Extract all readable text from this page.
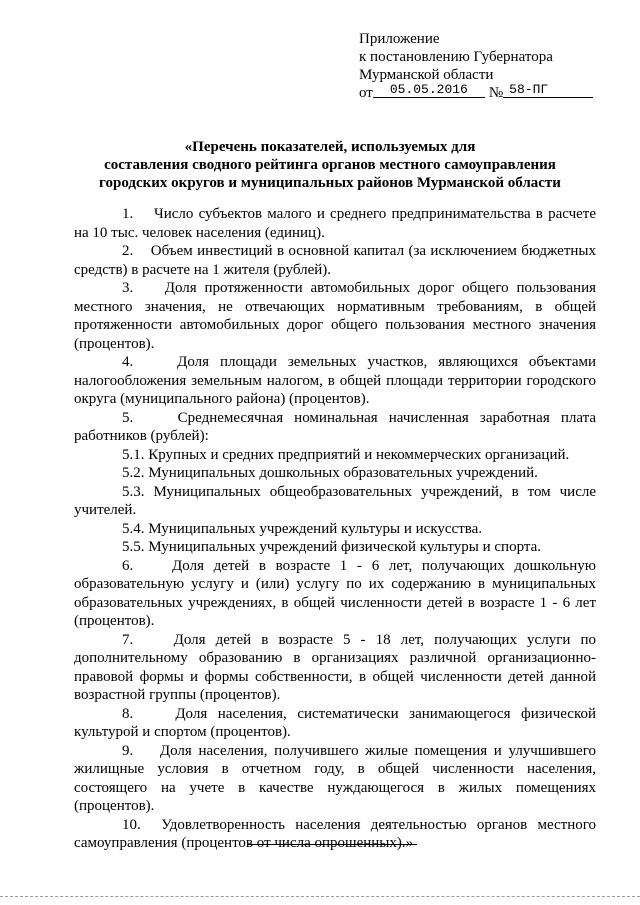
Приложение
к постановлению Губернатора
Мурманской области
от 05.05.2016 № 58-ПГ
«Перечень показателей, используемых для
составления сводного рейтинга органов местного самоуправления
городских округов и муниципальных районов Мурманской области

1.    Число субъектов малого и среднего предпринимательства в расчете на 10 тыс. человек населения (единиц).

2.    Объем инвестиций в основной капитал (за исключением бюджетных средств) в расчете на 1 жителя (рублей).

3.    Доля протяженности автомобильных дорог общего пользования местного значения, не отвечающих нормативным требованиям, в общей протяженности автомобильных дорог общего пользования местного значения (процентов).

4.    Доля площади земельных участков, являющихся объектами налогообложения земельным налогом, в общей площади территории городского округа (муниципального района) (процентов).

5.    Среднемесячная номинальная начисленная заработная плата работников (рублей):

5.1. Крупных и средних предприятий и некоммерческих организаций.

5.2. Муниципальных дошкольных образовательных учреждений.

5.3. Муниципальных общеобразовательных учреждений, в том числе учителей.

5.4. Муниципальных учреждений культуры и искусства.

5.5. Муниципальных учреждений физической культуры и спорта.

6.    Доля детей в возрасте 1 - 6 лет, получающих дошкольную образовательную услугу и (или) услугу по их содержанию в муниципальных образовательных учреждениях, в общей численности детей в возрасте 1 - 6 лет (процентов).

7.    Доля детей в возрасте 5 - 18 лет, получающих услуги по дополнительному образованию в организациях различной организационно-правовой формы и формы собственности, в общей численности детей данной возрастной группы (процентов).

8.    Доля населения, систематически занимающегося физической культурой и спортом (процентов).

9.    Доля населения, получившего жилые помещения и улучшившего жилищные условия в отчетном году, в общей численности населения, состоящего на учете в качестве нуждающегося в жилых помещениях (процентов).

10.  Удовлетворенность населения деятельностью органов местного самоуправления (процентов от числа опрошенных).»
